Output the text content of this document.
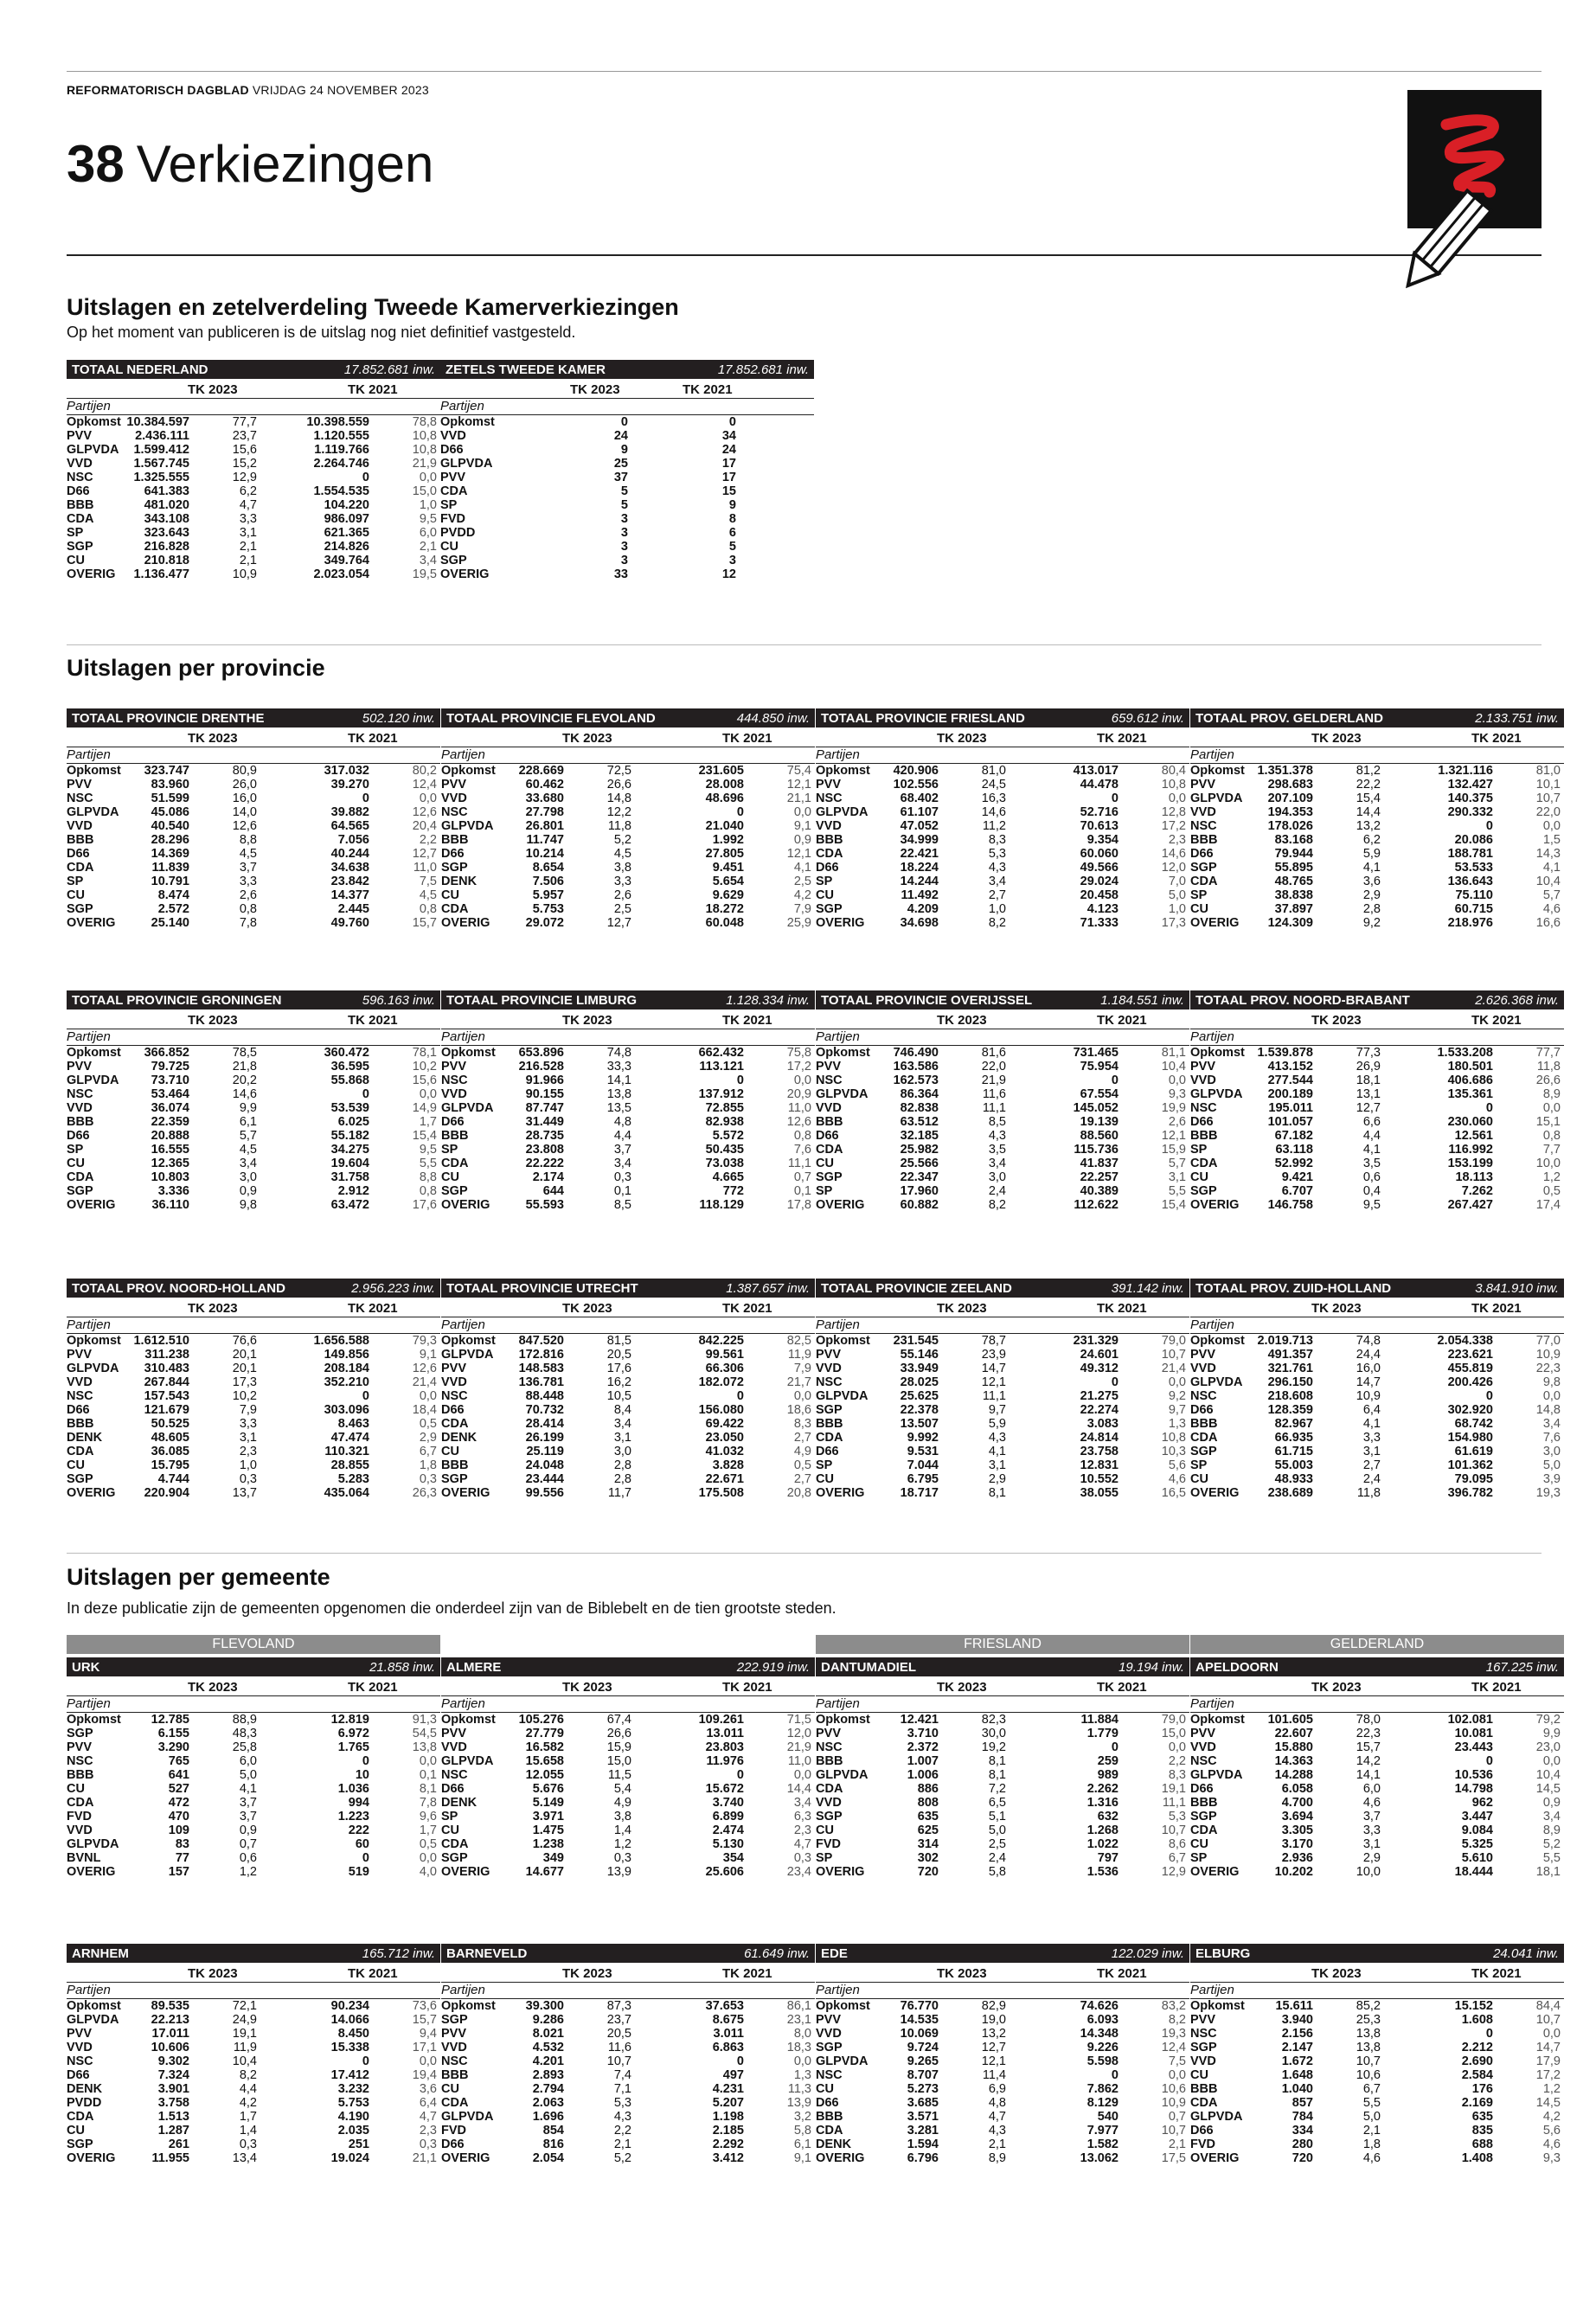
REFORMATORISCH DAGBLAD VRIJDAG 24 NOVEMBER 2023
38 Verkiezingen
Uitslagen en zetelverdeling Tweede Kamerverkiezingen
Op het moment van publiceren is de uitslag nog niet definitief vastgesteld.
Uitslagen per provincie
Uitslagen per gemeente
In deze publicatie zijn de gemeenten opgenomen die onderdeel zijn van de Biblebelt en de tien grootste steden.
TOTAAL NEDERLAND	17.852.681 inw.
TK 2023	TK 2021
Partijen
Opkomst 10.384.597	77,7	10.398.559	78,8
PVV	2.436.111	23,7	1.120.555	10,8
GLPVDA 1.599.412	15,6	1.119.766	10,8
VVD	1.567.745	15,2	2.264.746	21,9
NSC	1.325.555	12,9	0	0,0
D66	641.383	6,2	1.554.535	15,0
BBB	481.020	4,7	104.220	1,0
CDA	343.108	3,3	986.097	9,5
SP	323.643	3,1	621.365	6,0
SGP	216.828	2,1	214.826	2,1
CU	210.818	2,1	349.764	3,4
OVERIG 1.136.477	10,9	2.023.054	19,5
ZETELS TWEEDE KAMER	17.852.681 inw.
TK 2023	TK 2021
Partijen
Opkomst	0	0
VVD	24	34
D66	9	24
GLPVDA	25	17
PVV	37	17
CDA	5	15
SP	5	9
FVD	3	8
PVDD	3	6
CU	3	5
SGP	3	3
OVERIG	33	12
TOTAAL PROVINCIE DRENTHE	502.120 inw.
TK 2023	TK 2021
Partijen
Opkomst 323.747	80,9	317.032	80,2
PVV	83.960	26,0	39.270	12,4
NSC	51.599	16,0	0	0,0
GLPVDA	45.086	14,0	39.882	12,6
VVD	40.540	12,6	64.565	20,4
BBB	28.296	8,8	7.056	2,2
D66	14.369	4,5	40.244	12,7
CDA	11.839	3,7	34.638	11,0
SP	10.791	3,3	23.842	7,5
CU	8.474	2,6	14.377	4,5
SGP	2.572	0,8	2.445	0,8
OVERIG	25.140	7,8	49.760	15,7
TOTAAL PROVINCIE FLEVOLAND	444.850 inw.
TK 2023	TK 2021
Partijen
Opkomst 228.669	72,5	231.605	75,4
PVV	60.462	26,6	28.008	12,1
VVD	33.680	14,8	48.696	21,1
NSC	27.798	12,2	0	0,0
GLPVDA	26.801	11,8	21.040	9,1
BBB	11.747	5,2	1.992	0,9
D66	10.214	4,5	27.805	12,1
SGP	8.654	3,8	9.451	4,1
DENK	7.506	3,3	5.654	2,5
CU	5.957	2,6	9.629	4,2
CDA	5.753	2,5	18.272	7,9
OVERIG	29.072	12,7	60.048	25,9
TOTAAL PROVINCIE FRIESLAND	659.612 inw.
TK 2023	TK 2021
Partijen
Opkomst 420.906	81,0	413.017	80,4
PVV	102.556	24,5	44.478	10,8
NSC	68.402	16,3	0	0,0
GLPVDA	61.107	14,6	52.716	12,8
VVD	47.052	11,2	70.613	17,2
BBB	34.999	8,3	9.354	2,3
CDA	22.421	5,3	60.060	14,6
D66	18.224	4,3	49.566	12,0
SP	14.244	3,4	29.024	7,0
CU	11.492	2,7	20.458	5,0
SGP	4.209	1,0	4.123	1,0
OVERIG	34.698	8,2	71.333	17,3
TOTAAL PROV. GELDERLAND	2.133.751 inw.
TK 2023	TK 2021
Partijen
Opkomst 1.351.378	81,2	1.321.116	81,0
PVV	298.683	22,2	132.427	10,1
GLPVDA 207.109	15,4	140.375	10,7
VVD	194.353	14,4	290.332	22,0
NSC	178.026	13,2	0	0,0
BBB	83.168	6,2	20.086	1,5
D66	79.944	5,9	188.781	14,3
SGP	55.895	4,1	53.533	4,1
CDA	48.765	3,6	136.643	10,4
SP	38.838	2,9	75.110	5,7
CU	37.897	2,8	60.715	4,6
OVERIG 124.309	9,2	218.976	16,6
TOTAAL PROVINCIE GRONINGEN	596.163 inw.
TK 2023	TK 2021
Partijen
Opkomst 366.852	78,5	360.472	78,1
PVV	79.725	21,8	36.595	10,2
GLPVDA	73.710	20,2	55.868	15,6
NSC	53.464	14,6	0	0,0
VVD	36.074	9,9	53.539	14,9
BBB	22.359	6,1	6.025	1,7
D66	20.888	5,7	55.182	15,4
SP	16.555	4,5	34.275	9,5
CU	12.365	3,4	19.604	5,5
CDA	10.803	3,0	31.758	8,8
SGP	3.336	0,9	2.912	0,8
OVERIG	36.110	9,8	63.472	17,6
TOTAAL PROVINCIE LIMBURG	1.128.334 inw.
TK 2023	TK 2021
Partijen
Opkomst 653.896	74,8	662.432	75,8
PVV	216.528	33,3	113.121	17,2
NSC	91.966	14,1	0	0,0
VVD	90.155	13,8	137.912	20,9
GLPVDA	87.747	13,5	72.855	11,0
D66	31.449	4,8	82.938	12,6
BBB	28.735	4,4	5.572	0,8
SP	23.808	3,7	50.435	7,6
CDA	22.222	3,4	73.038	11,1
CU	2.174	0,3	4.665	0,7
SGP	644	0,1	772	0,1
OVERIG	55.593	8,5	118.129	17,8
TOTAAL PROVINCIE OVERIJSSEL	1.184.551 inw.
TK 2023	TK 2021
Partijen
Opkomst 746.490	81,6	731.465	81,1
PVV	163.586	22,0	75.954	10,4
NSC	162.573	21,9	0	0,0
GLPVDA	86.364	11,6	67.554	9,3
VVD	82.838	11,1	145.052	19,9
BBB	63.512	8,5	19.139	2,6
D66	32.185	4,3	88.560	12,1
CDA	25.982	3,5	115.736	15,9
CU	25.566	3,4	41.837	5,7
SGP	22.347	3,0	22.257	3,1
SP	17.960	2,4	40.389	5,5
OVERIG	60.882	8,2	112.622	15,4
TOTAAL PROV. NOORD-BRABANT	2.626.368 inw.
TK 2023	TK 2021
Partijen
Opkomst 1.539.878	77,3	1.533.208	77,7
PVV	413.152	26,9	180.501	11,8
VVD	277.544	18,1	406.686	26,6
GLPVDA 200.189	13,1	135.361	8,9
NSC	195.011	12,7	0	0,0
D66	101.057	6,6	230.060	15,1
BBB	67.182	4,4	12.561	0,8
SP	63.118	4,1	116.992	7,7
CDA	52.992	3,5	153.199	10,0
CU	9.421	0,6	18.113	1,2
SGP	6.707	0,4	7.262	0,5
OVERIG 146.758	9,5	267.427	17,4
TOTAAL PROV. NOORD-HOLLAND	2.956.223 inw.
TK 2023	TK 2021
Partijen
Opkomst 1.612.510	76,6	1.656.588	79,3
PVV	311.238	20,1	149.856	9,1
GLPVDA 310.483	20,1	208.184	12,6
VVD	267.844	17,3	352.210	21,4
NSC	157.543	10,2	0	0,0
D66	121.679	7,9	303.096	18,4
BBB	50.525	3,3	8.463	0,5
DENK	48.605	3,1	47.474	2,9
CDA	36.085	2,3	110.321	6,7
CU	15.795	1,0	28.855	1,8
SGP	4.744	0,3	5.283	0,3
OVERIG 220.904	13,7	435.064	26,3
TOTAAL PROVINCIE UTRECHT	1.387.657 inw.
TK 2023	TK 2021
Partijen
Opkomst 847.520	81,5	842.225	82,5
GLPVDA 172.816	20,5	99.561	11,9
PVV	148.583	17,6	66.306	7,9
VVD	136.781	16,2	182.072	21,7
NSC	88.448	10,5	0	0,0
D66	70.732	8,4	156.080	18,6
CDA	28.414	3,4	69.422	8,3
DENK	26.199	3,1	23.050	2,7
CU	25.119	3,0	41.032	4,9
BBB	24.048	2,8	3.828	0,5
SGP	23.444	2,8	22.671	2,7
OVERIG	99.556	11,7	175.508	20,8
TOTAAL PROVINCIE ZEELAND	391.142 inw.
TK 2023	TK 2021
Partijen
Opkomst 231.545	78,7	231.329	79,0
PVV	55.146	23,9	24.601	10,7
VVD	33.949	14,7	49.312	21,4
NSC	28.025	12,1	0	0,0
GLPVDA	25.625	11,1	21.275	9,2
SGP	22.378	9,7	22.274	9,7
BBB	13.507	5,9	3.083	1,3
CDA	9.992	4,3	24.814	10,8
D66	9.531	4,1	23.758	10,3
SP	7.044	3,1	12.831	5,6
CU	6.795	2,9	10.552	4,6
OVERIG	18.717	8,1	38.055	16,5
TOTAAL PROV. ZUID-HOLLAND	3.841.910 inw.
TK 2023	TK 2021
Partijen
Opkomst 2.019.713	74,8	2.054.338	77,0
PVV	491.357	24,4	223.621	10,9
VVD	321.761	16,0	455.819	22,3
GLPVDA 296.150	14,7	200.426	9,8
NSC	218.608	10,9	0	0,0
D66	128.359	6,4	302.920	14,8
BBB	82.967	4,1	68.742	3,4
CDA	66.935	3,3	154.980	7,6
SGP	61.715	3,1	61.619	3,0
SP	55.003	2,7	101.362	5,0
CU	48.933	2,4	79.095	3,9
OVERIG 238.689	11,8	396.782	19,3
FLEVOLAND
URK	21.858 inw.
TK 2023	TK 2021
Partijen
Opkomst 12.785	88,9	12.819	91,3
SGP	6.155	48,3	6.972	54,5
PVV	3.290	25,8	1.765	13,8
NSC	765	6,0	0	0,0
BBB	641	5,0	10	0,1
CU	527	4,1	1.036	8,1
CDA	472	3,7	994	7,8
FVD	470	3,7	1.223	9,6
VVD	109	0,9	222	1,7
GLPVDA	83	0,7	60	0,5
BVNL	77	0,6	0	0,0
OVERIG	157	1,2	519	4,0
ALMERE	222.919 inw.
TK 2023	TK 2021
Partijen
Opkomst 105.276	67,4	109.261	71,5
PVV	27.779	26,6	13.011	12,0
VVD	16.582	15,9	23.803	21,9
GLPVDA	15.658	15,0	11.976	11,0
NSC	12.055	11,5	0	0,0
D66	5.676	5,4	15.672	14,4
DENK	5.149	4,9	3.740	3,4
SP	3.971	3,8	6.899	6,3
CU	1.475	1,4	2.474	2,3
CDA	1.238	1,2	5.130	4,7
SGP	349	0,3	354	0,3
OVERIG	14.677	13,9	25.606	23,4
FRIESLAND
DANTUMADIEL	19.194 inw.
TK 2023	TK 2021
Partijen
Opkomst 12.421	82,3	11.884	79,0
PVV	3.710	30,0	1.779	15,0
NSC	2.372	19,2	0	0,0
BBB	1.007	8,1	259	2,2
GLPVDA	1.006	8,1	989	8,3
CDA	886	7,2	2.262	19,1
VVD	808	6,5	1.316	11,1
SGP	635	5,1	632	5,3
CU	625	5,0	1.268	10,7
FVD	314	2,5	1.022	8,6
SP	302	2,4	797	6,7
OVERIG	720	5,8	1.536	12,9
GELDERLAND
APELDOORN	167.225 inw.
TK 2023	TK 2021
Partijen
Opkomst 101.605	78,0	102.081	79,2
PVV	22.607	22,3	10.081	9,9
VVD	15.880	15,7	23.443	23,0
NSC	14.363	14,2	0	0,0
GLPVDA	14.288	14,1	10.536	10,4
D66	6.058	6,0	14.798	14,5
BBB	4.700	4,6	962	0,9
SGP	3.694	3,7	3.447	3,4
CDA	3.305	3,3	9.084	8,9
CU	3.170	3,1	5.325	5,2
SP	2.936	2,9	5.610	5,5
OVERIG	10.202	10,0	18.444	18,1
ARNHEM	165.712 inw.
TK 2023	TK 2021
Partijen
Opkomst 89.535	72,1	90.234	73,6
GLPVDA	22.213	24,9	14.066	15,7
PVV	17.011	19,1	8.450	9,4
VVD	10.606	11,9	15.338	17,1
NSC	9.302	10,4	0	0,0
D66	7.324	8,2	17.412	19,4
DENK	3.901	4,4	3.232	3,6
PVDD	3.758	4,2	5.753	6,4
CDA	1.513	1,7	4.190	4,7
CU	1.287	1,4	2.035	2,3
SGP	261	0,3	251	0,3
OVERIG	11.955	13,4	19.024	21,1
BARNEVELD	61.649 inw.
TK 2023	TK 2021
Partijen
Opkomst 39.300	87,3	37.653	86,1
SGP	9.286	23,7	8.675	23,1
PVV	8.021	20,5	3.011	8,0
VVD	4.532	11,6	6.863	18,3
NSC	4.201	10,7	0	0,0
BBB	2.893	7,4	497	1,3
CU	2.794	7,1	4.231	11,3
CDA	2.063	5,3	5.207	13,9
GLPVDA	1.696	4,3	1.198	3,2
FVD	854	2,2	2.185	5,8
D66	816	2,1	2.292	6,1
OVERIG	2.054	5,2	3.412	9,1
EDE	122.029 inw.
TK 2023	TK 2021
Partijen
Opkomst 76.770	82,9	74.626	83,2
PVV	14.535	19,0	6.093	8,2
VVD	10.069	13,2	14.348	19,3
SGP	9.724	12,7	9.226	12,4
GLPVDA	9.265	12,1	5.598	7,5
NSC	8.707	11,4	0	0,0
CU	5.273	6,9	7.862	10,6
D66	3.685	4,8	8.129	10,9
BBB	3.571	4,7	540	0,7
CDA	3.281	4,3	7.977	10,7
DENK	1.594	2,1	1.582	2,1
OVERIG	6.796	8,9	13.062	17,5
ELBURG	24.041 inw.
TK 2023	TK 2021
Partijen
Opkomst 15.611	85,2	15.152	84,4
PVV	3.940	25,3	1.608	10,7
NSC	2.156	13,8	0	0,0
SGP	2.147	13,8	2.212	14,7
VVD	1.672	10,7	2.690	17,9
CU	1.648	10,6	2.584	17,2
BBB	1.040	6,7	176	1,2
CDA	857	5,5	2.169	14,5
GLPVDA	784	5,0	635	4,2
D66	334	2,1	835	5,6
FVD	280	1,8	688	4,6
OVERIG	720	4,6	1.408	9,3
